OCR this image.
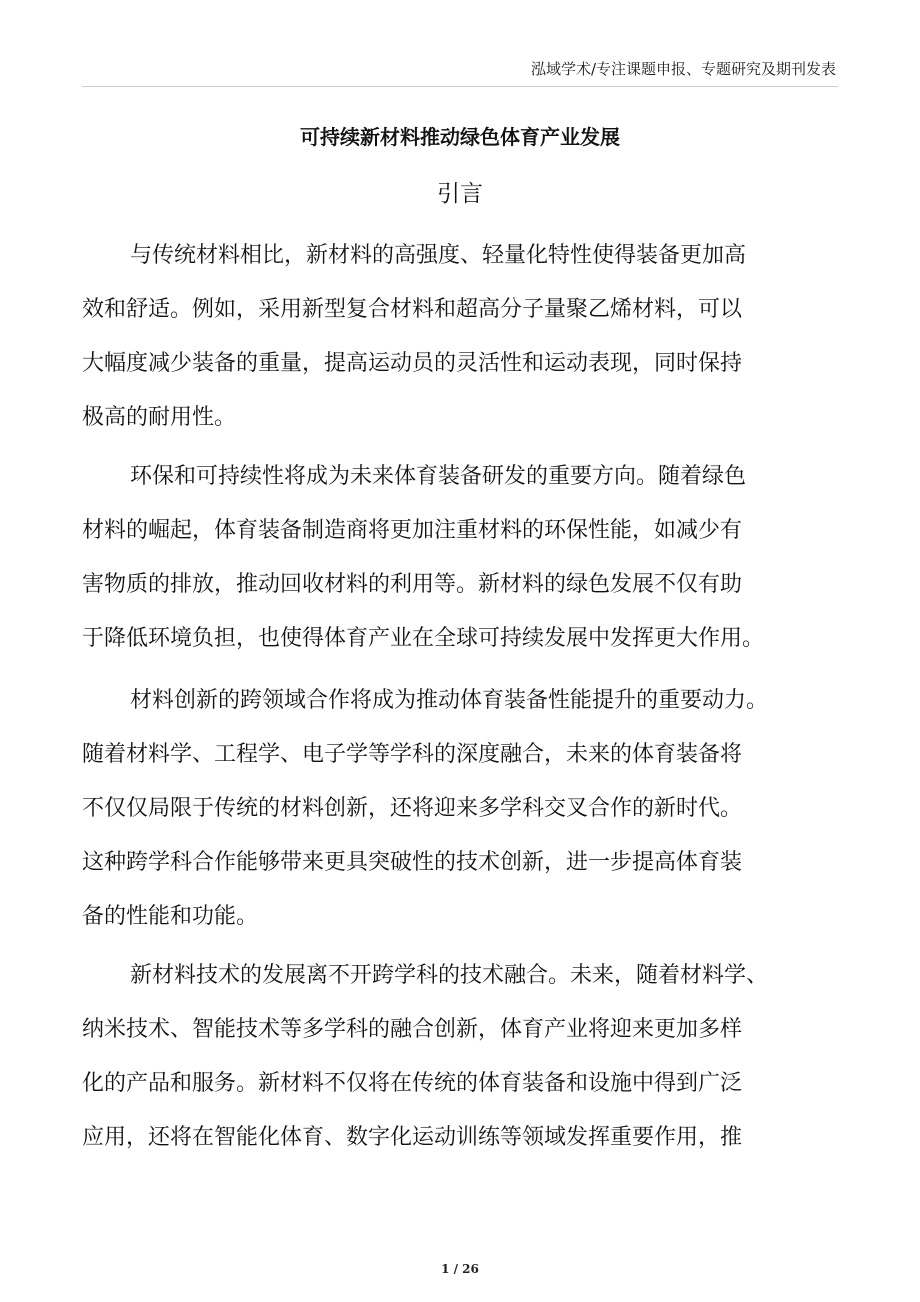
泓域学术/专注课题申报、专题研究及期刊发表
可持续新材料推动绿色体育产业发展
引言
与传统材料相比，新材料的高强度、轻量化特性使得装备更加高
效和舒适。例如，采用新型复合材料和超高分子量聚乙烯材料，可以
大幅度减少装备的重量，提高运动员的灵活性和运动表现，同时保持
极高的耐用性。
环保和可持续性将成为未来体育装备研发的重要方向。随着绿色
材料的崛起，体育装备制造商将更加注重材料的环保性能，如减少有
害物质的排放，推动回收材料的利用等。新材料的绿色发展不仅有助
于降低环境负担，也使得体育产业在全球可持续发展中发挥更大作用。
材料创新的跨领域合作将成为推动体育装备性能提升的重要动力。
随着材料学、工程学、电子学等学科的深度融合，未来的体育装备将
不仅仅局限于传统的材料创新，还将迎来多学科交叉合作的新时代。
这种跨学科合作能够带来更具突破性的技术创新，进一步提高体育装
备的性能和功能。
新材料技术的发展离不开跨学科的技术融合。未来，随着材料学、
纳米技术、智能技术等多学科的融合创新，体育产业将迎来更加多样
化的产品和服务。新材料不仅将在传统的体育装备和设施中得到广泛
应用，还将在智能化体育、数字化运动训练等领域发挥重要作用，推
1 / 26
